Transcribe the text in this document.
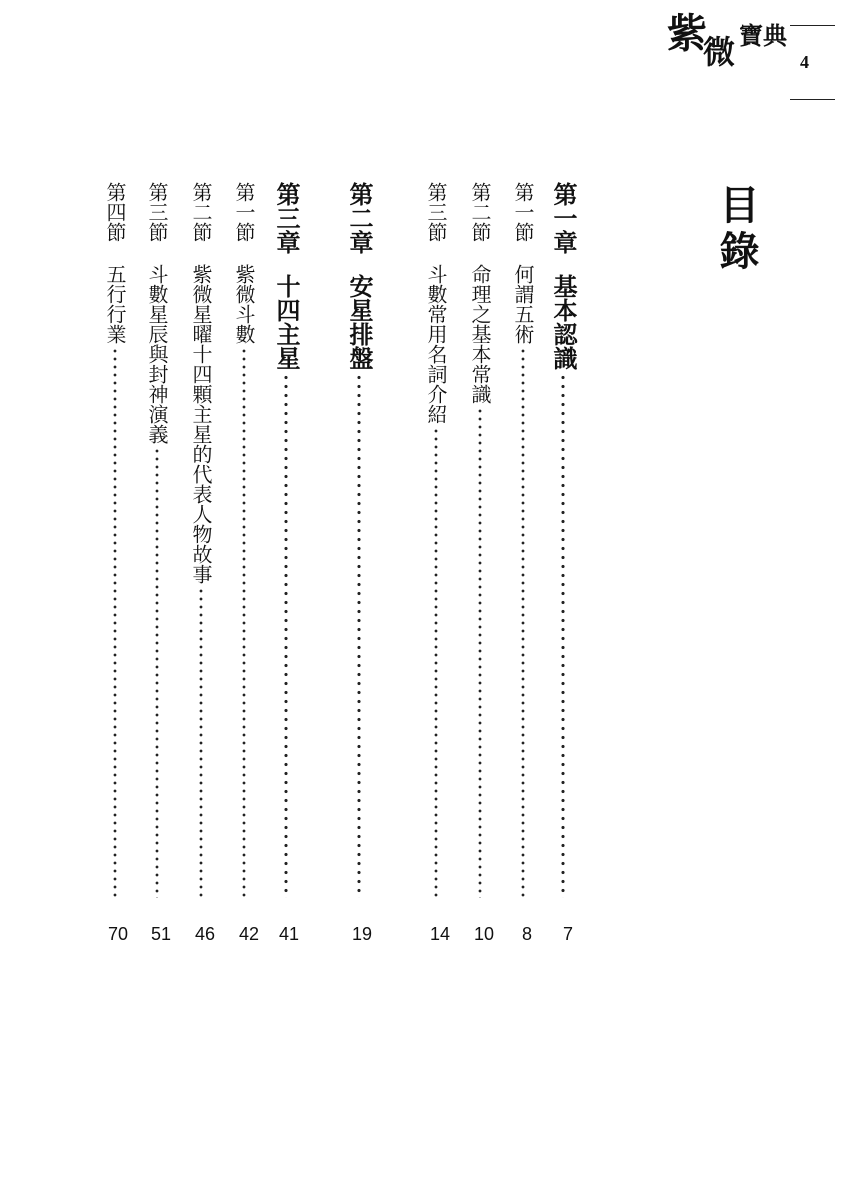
紫
微 寶典
4
目錄
第一章
基本認識
第一節
何謂五術
第二節
命理之基本常識
第三節
斗數常用名詞介紹
第二章
安星排盤
第三章
十四主星
第一節
紫微斗數
第二節
紫微星曜十四顆主星的代表人物故事
第三節
斗數星辰與封神演義
第四節
五行行業
7
8
10
14
19
41
42
46
51
70
